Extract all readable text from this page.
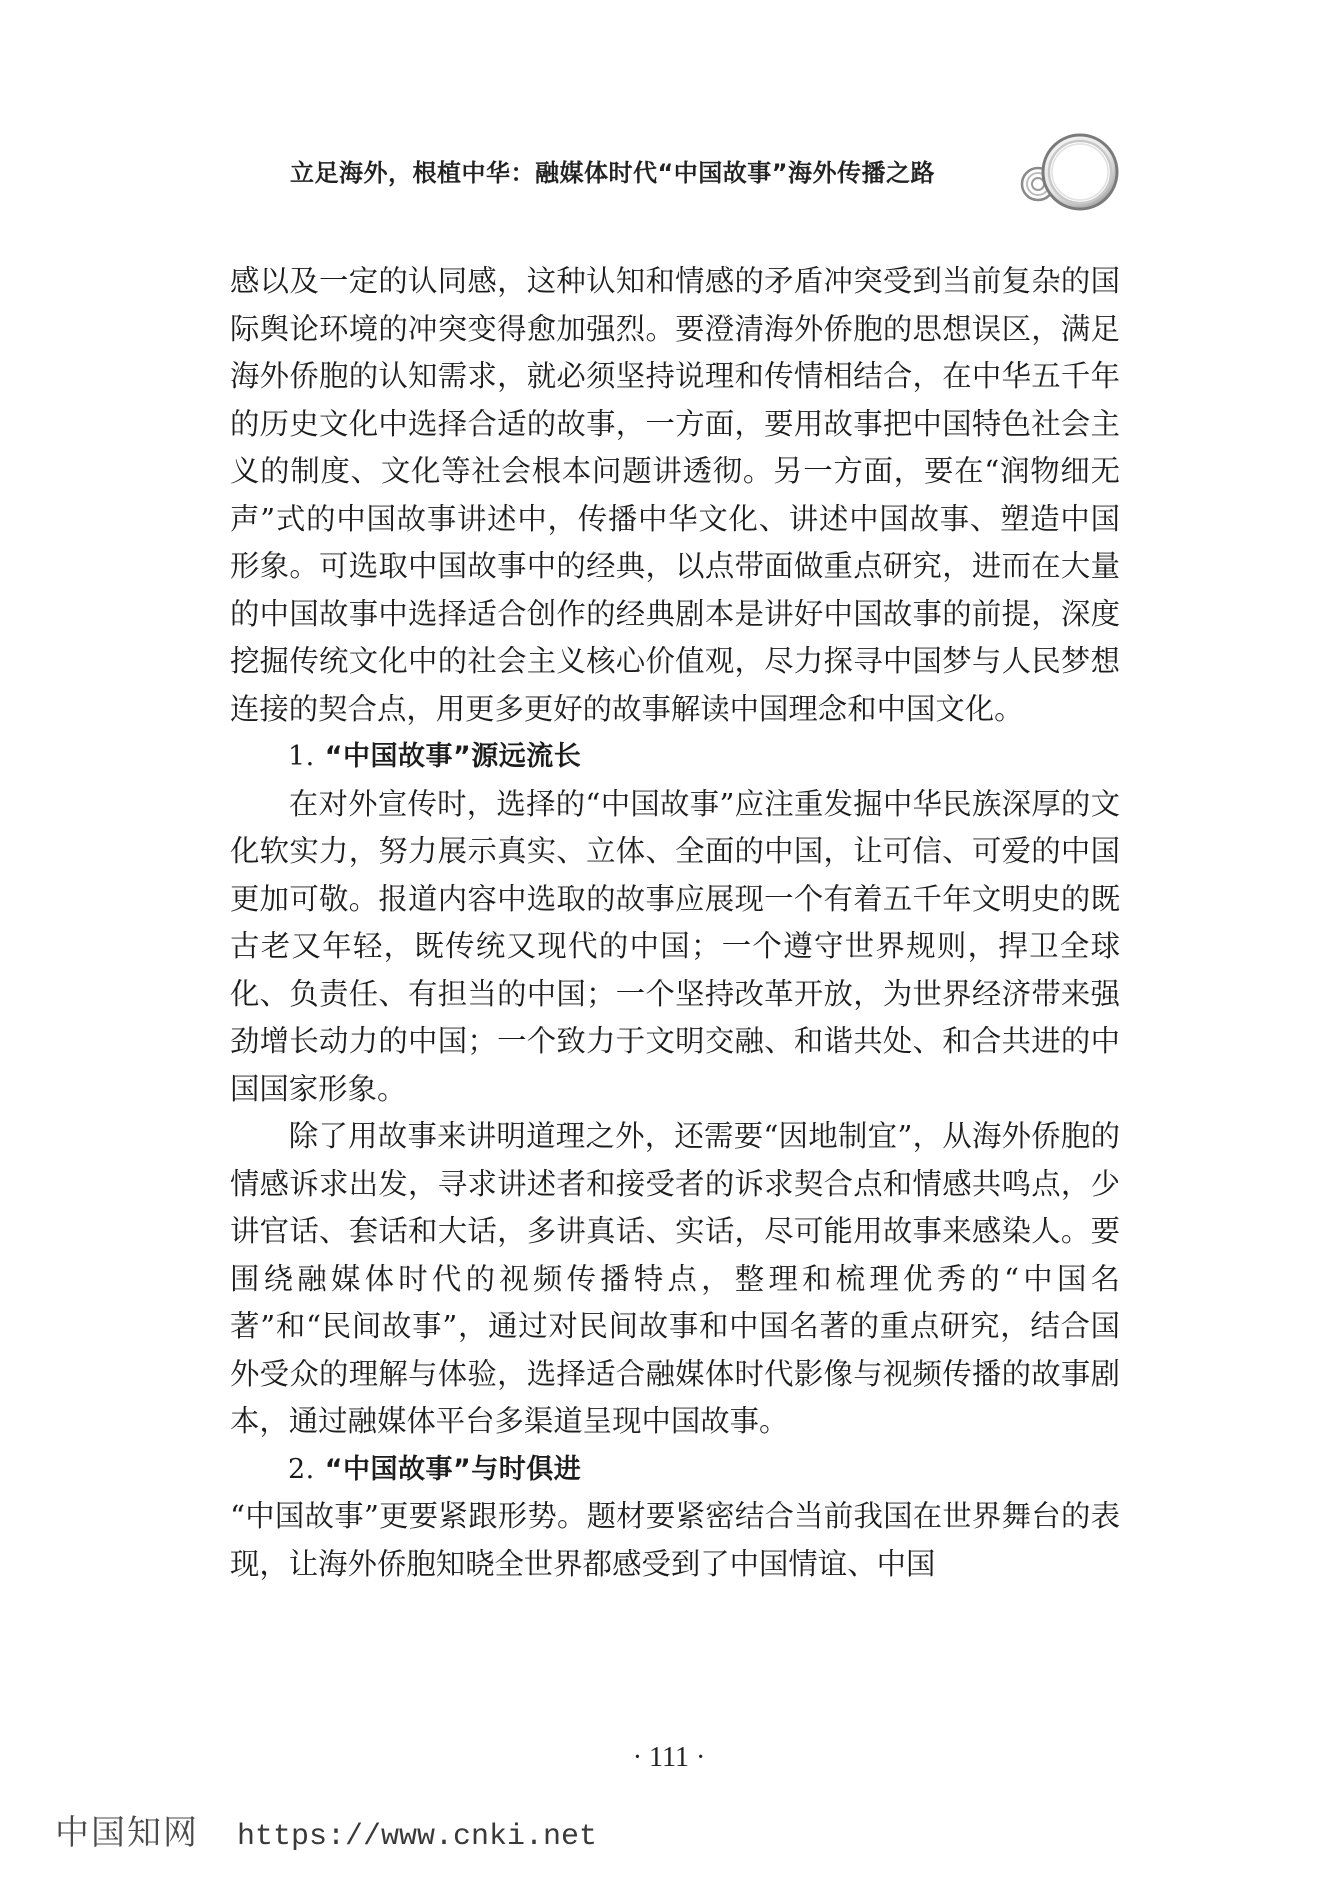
立足海外，根植中华：融媒体时代“中国故事”海外传播之路

感以及一定的认同感，这种认知和情感的矛盾冲突受到当前复杂的国际舆论环境的冲突变得愈加强烈。要澄清海外侨胞的思想误区，满足海外侨胞的认知需求，就必须坚持说理和传情相结合，在中华五千年的历史文化中选择合适的故事，一方面，要用故事把中国特色社会主义的制度、文化等社会根本问题讲透彻。另一方面，要在“润物细无声”式的中国故事讲述中，传播中华文化、讲述中国故事、塑造中国形象。可选取中国故事中的经典，以点带面做重点研究，进而在大量的中国故事中选择适合创作的经典剧本是讲好中国故事的前提，深度挖掘传统文化中的社会主义核心价值观，尽力探寻中国梦与人民梦想连接的契合点，用更多更好的故事解读中国理念和中国文化。

1. “中国故事”源远流长

在对外宣传时，选择的“中国故事”应注重发掘中华民族深厚的文化软实力，努力展示真实、立体、全面的中国，让可信、可爱的中国更加可敬。报道内容中选取的故事应展现一个有着五千年文明史的既古老又年轻，既传统又现代的中国；一个遵守世界规则，捍卫全球化、负责任、有担当的中国；一个坚持改革开放，为世界经济带来强劲增长动力的中国；一个致力于文明交融、和谐共处、和合共进的中国国家形象。

除了用故事来讲明道理之外，还需要“因地制宜”，从海外侨胞的情感诉求出发，寻求讲述者和接受者的诉求契合点和情感共鸣点，少讲官话、套话和大话，多讲真话、实话，尽可能用故事来感染人。要围绕融媒体时代的视频传播特点，整理和梳理优秀的“中国名著”和“民间故事”，通过对民间故事和中国名著的重点研究，结合国外受众的理解与体验，选择适合融媒体时代影像与视频传播的故事剧本，通过融媒体平台多渠道呈现中国故事。

2. “中国故事”与时俱进

“中国故事”更要紧跟形势。题材要紧密结合当前我国在世界舞台的表现，让海外侨胞知晓全世界都感受到了中国情谊、中国

· 111 ·
中国知网 https://www.cnki.net
